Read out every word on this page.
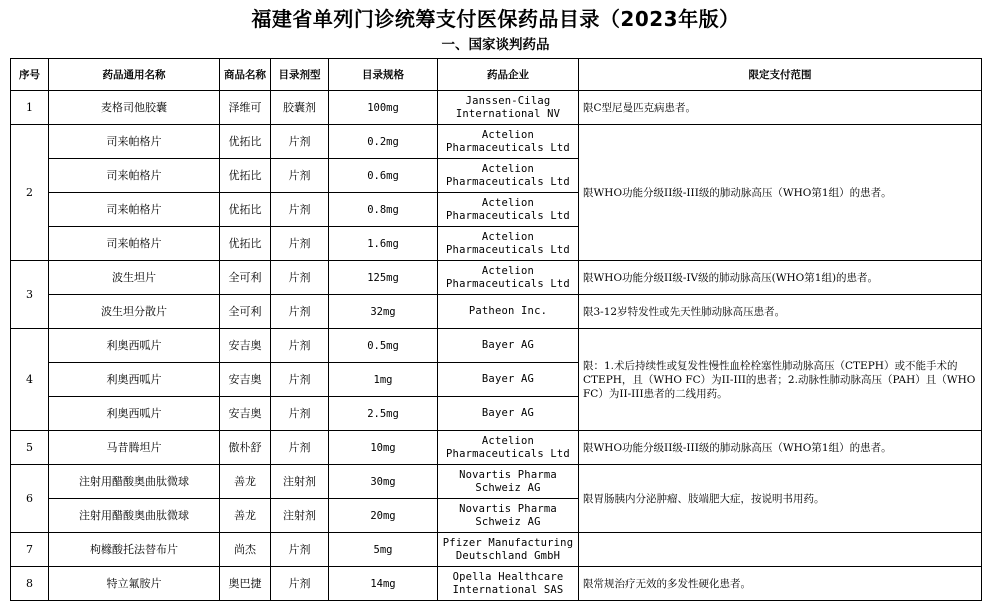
福建省单列门诊统筹支付医保药品目录（2023年版）
一、国家谈判药品
序号	药品通用名称	商品名称	目录剂型	目录规格	药品企业	限定支付范围
1	麦格司他胶囊	泽维可	胶囊剂	100mg	Janssen-Cilag International NV	限C型尼曼匹克病患者。
2	司来帕格片	优拓比	片剂	0.2mg	Actelion Pharmaceuticals Ltd	限WHO功能分级II级-III级的肺动脉高压（WHO第1组）的患者。
	司来帕格片	优拓比	片剂	0.6mg	Actelion Pharmaceuticals Ltd	
	司来帕格片	优拓比	片剂	0.8mg	Actelion Pharmaceuticals Ltd	
	司来帕格片	优拓比	片剂	1.6mg	Actelion Pharmaceuticals Ltd	
3	波生坦片	全可利	片剂	125mg	Actelion Pharmaceuticals Ltd	限WHO功能分级II级-IV级的肺动脉高压(WHO第1组)的患者。
	波生坦分散片	全可利	片剂	32mg	Patheon Inc.	限3-12岁特发性或先天性肺动脉高压患者。
4	利奥西呱片	安吉奥	片剂	0.5mg	Bayer AG	限：1.术后持续性或复发性慢性血栓栓塞性肺动脉高压（CTEPH）或不能手术的CTEPH，且（WHO FC）为II-III的患者；2.动脉性肺动脉高压（PAH）且（WHO FC）为II-III患者的二线用药。
	利奥西呱片	安吉奥	片剂	1mg	Bayer AG	
	利奥西呱片	安吉奥	片剂	2.5mg	Bayer AG	
5	马昔腾坦片	傲朴舒	片剂	10mg	Actelion Pharmaceuticals Ltd	限WHO功能分级II级-III级的肺动脉高压（WHO第1组）的患者。
6	注射用醋酸奥曲肽微球	善龙	注射剂	30mg	Novartis Pharma Schweiz AG	限胃肠胰内分泌肿瘤、肢端肥大症，按说明书用药。
	注射用醋酸奥曲肽微球	善龙	注射剂	20mg	Novartis Pharma Schweiz AG	
7	枸橼酸托法替布片	尚杰	片剂	5mg	Pfizer Manufacturing Deutschland GmbH	
8	特立氟胺片	奥巴捷	片剂	14mg	Opella Healthcare International SAS	限常规治疗无效的多发性硬化患者。
